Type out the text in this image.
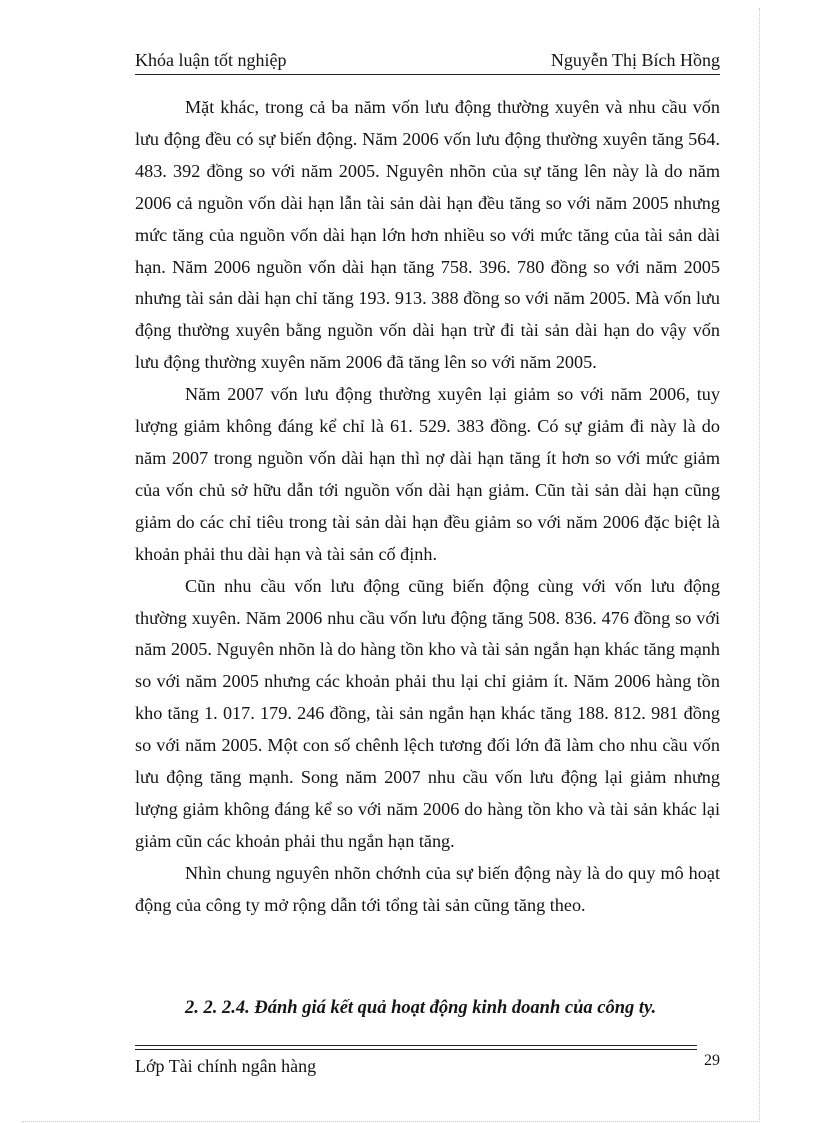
Khóa luận tốt nghiệp	Nguyễn Thị Bích Hồng

Mặt khác, trong cả ba năm vốn lưu động thường xuyên và nhu cầu vốn lưu động đều có sự biến động. Năm 2006 vốn lưu động thường xuyên tăng 564. 483. 392 đồng so với năm 2005. Nguyên nhõn của sự tăng lên này là do năm 2006 cả nguồn vốn dài hạn lẫn tài sản dài hạn đều tăng so với năm 2005 nhưng mức tăng của nguồn vốn dài hạn lớn hơn nhiều so với mức tăng của tài sản dài hạn. Năm 2006 nguồn vốn dài hạn tăng 758. 396. 780 đồng so với năm 2005 nhưng tài sản dài hạn chỉ tăng 193. 913. 388 đồng so với năm 2005. Mà vốn lưu động thường xuyên bằng nguồn vốn dài hạn trừ đi tài sản dài hạn do vậy vốn lưu động thường xuyên năm 2006 đã tăng lên so với năm 2005.

Năm 2007 vốn lưu động thường xuyên lại giảm so với năm 2006, tuy lượng giảm không đáng kể chỉ là 61. 529. 383 đồng. Có sự giảm đi này là do năm 2007 trong nguồn vốn dài hạn thì nợ dài hạn tăng ít hơn so với mức giảm của vốn chủ sở hữu dẫn tới nguồn vốn dài hạn giảm. Cũn tài sản dài hạn cũng giảm do các chỉ tiêu trong tài sản dài hạn đều giảm so với năm 2006 đặc biệt là khoản phải thu dài hạn và tài sản cố định.

Cũn nhu cầu vốn lưu động cũng biến động cùng với vốn lưu động thường xuyên. Năm 2006 nhu cầu vốn lưu động tăng 508. 836. 476 đồng so với năm 2005. Nguyên nhõn là do hàng tồn kho và tài sản ngắn hạn khác tăng mạnh so với năm 2005 nhưng các khoản phải thu lại chỉ giảm ít. Năm 2006 hàng tồn kho tăng 1. 017. 179. 246 đồng, tài sản ngắn hạn khác tăng 188. 812. 981 đồng so với năm 2005. Một con số chênh lệch tương đối lớn đã làm cho nhu cầu vốn lưu động tăng mạnh. Song năm 2007 nhu cầu vốn lưu động lại giảm nhưng lượng giảm không đáng kể so với năm 2006 do hàng tồn kho và tài sản khác lại giảm cũn các khoản phải thu ngắn hạn tăng.

Nhìn chung nguyên nhõn chớnh của sự biến động này là do quy mô hoạt động của công ty mở rộng dẫn tới tổng tài sản cũng tăng theo.

2. 2. 2.4. Đánh giá kết quả hoạt động kinh doanh của công ty.
Lớp Tài chính ngân hàng	29
